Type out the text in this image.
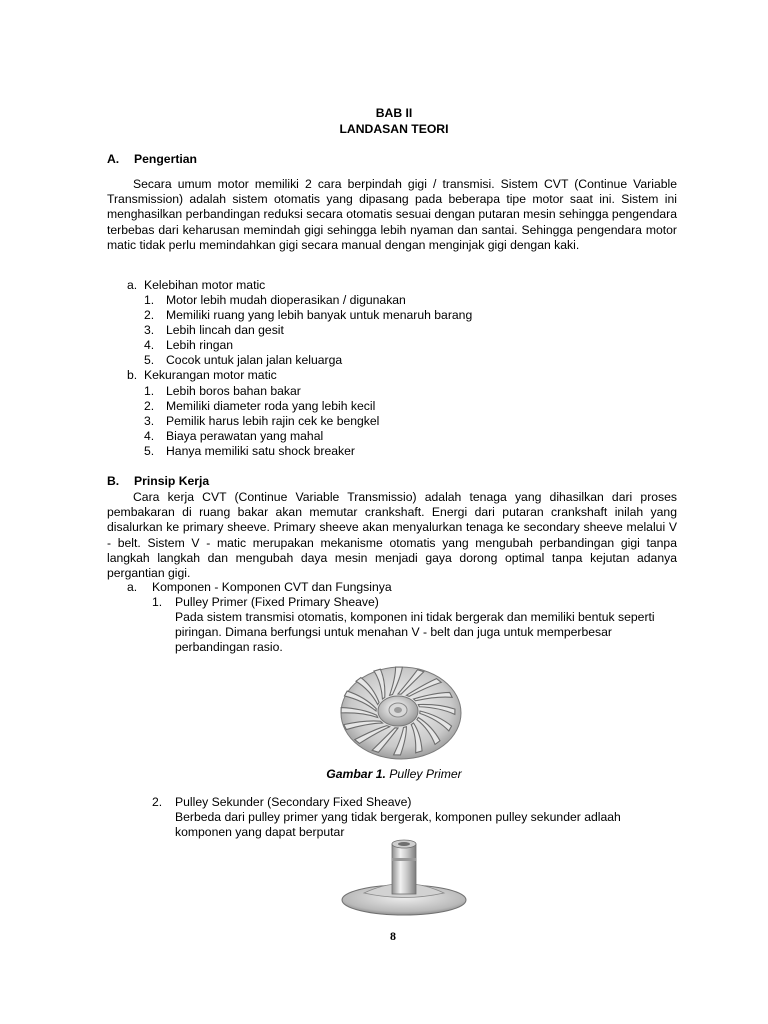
BAB II
LANDASAN TEORI
A. Pengertian

Secara umum motor memiliki 2 cara berpindah gigi / transmisi. Sistem CVT (Continue Variable Transmission) adalah sistem otomatis yang dipasang pada beberapa tipe motor saat ini. Sistem ini menghasilkan perbandingan reduksi secara otomatis sesuai dengan putaran mesin sehingga pengendara terbebas dari keharusan memindah gigi sehingga lebih nyaman dan santai. Sehingga pengendara motor matic tidak perlu memindahkan gigi secara manual dengan menginjak gigi dengan kaki.

a. Kelebihan motor matic
1. Motor lebih mudah dioperasikan / digunakan
2. Memiliki ruang yang lebih banyak untuk menaruh barang
3. Lebih lincah dan gesit
4. Lebih ringan
5. Cocok untuk jalan jalan keluarga
b. Kekurangan motor matic
1. Lebih boros bahan bakar
2. Memiliki diameter roda yang lebih kecil
3. Pemilik harus lebih rajin cek ke bengkel
4. Biaya perawatan yang mahal
5. Hanya memiliki satu shock breaker
B. Prinsip Kerja

Cara kerja CVT (Continue Variable Transmissio) adalah tenaga yang dihasilkan dari proses pembakaran di ruang bakar akan memutar crankshaft. Energi dari putaran crankshaft inilah yang disalurkan ke primary sheeve. Primary sheeve akan menyalurkan tenaga ke secondary sheeve melalui V - belt. Sistem V - matic merupakan mekanisme otomatis yang mengubah perbandingan gigi tanpa langkah langkah dan mengubah daya mesin menjadi gaya dorong optimal tanpa kejutan adanya pergantian gigi.

a. Komponen - Komponen CVT dan Fungsinya
1. Pulley Primer (Fixed Primary Sheave)

Pada sistem transmisi otomatis, komponen ini tidak bergerak dan memiliki bentuk seperti piringan. Dimana berfungsi untuk menahan V - belt dan juga untuk memperbesar perbandingan rasio.

Gambar 1. Pulley Primer
2. Pulley Sekunder (Secondary Fixed Sheave)

Berbeda dari pulley primer yang tidak bergerak, komponen pulley sekunder adlaah komponen yang dapat berputar

8
